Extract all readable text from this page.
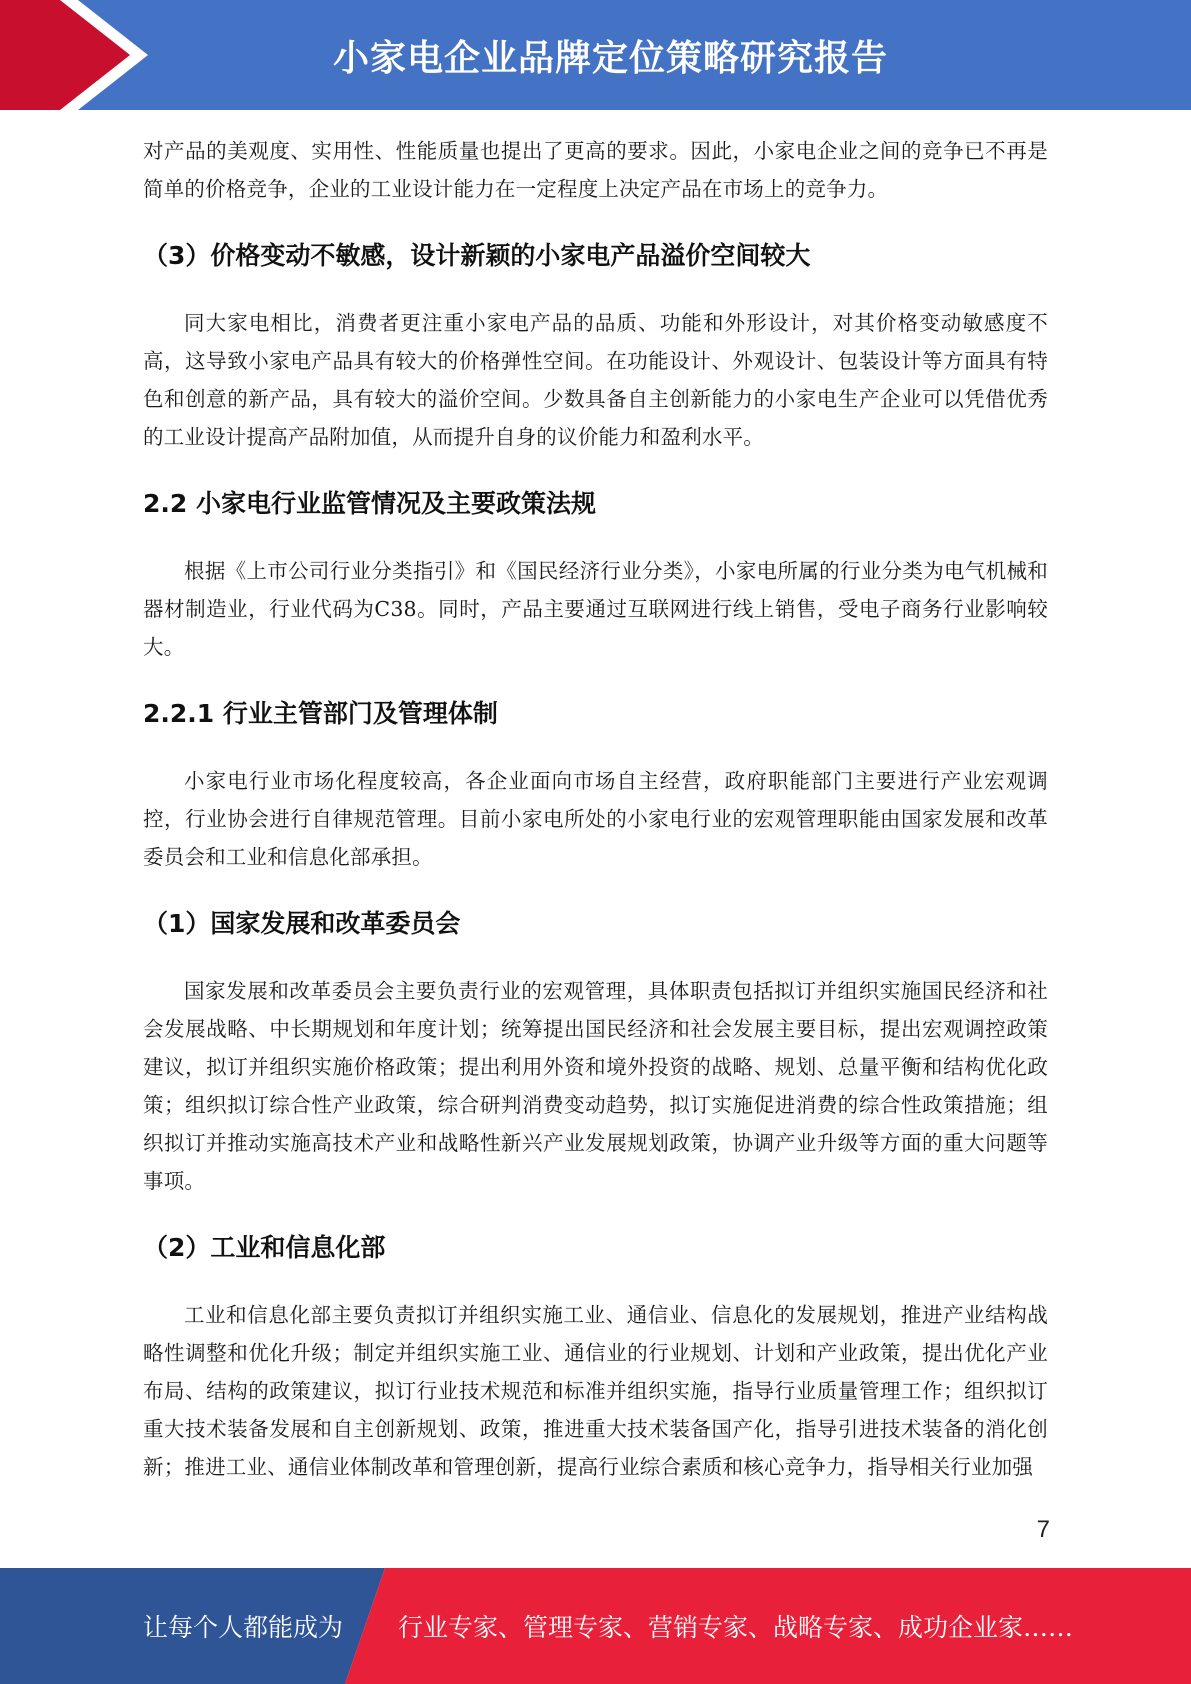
小家电企业品牌定位策略研究报告

对产品的美观度、实用性、性能质量也提出了更高的要求。因此，小家电企业之间的竞争已不再是简单的价格竞争，企业的工业设计能力在一定程度上决定产品在市场上的竞争力。

（3）价格变动不敏感，设计新颖的小家电产品溢价空间较大

同大家电相比，消费者更注重小家电产品的品质、功能和外形设计，对其价格变动敏感度不高，这导致小家电产品具有较大的价格弹性空间。在功能设计、外观设计、包装设计等方面具有特色和创意的新产品，具有较大的溢价空间。少数具备自主创新能力的小家电生产企业可以凭借优秀的工业设计提高产品附加值，从而提升自身的议价能力和盈利水平。

2.2 小家电行业监管情况及主要政策法规

根据《上市公司行业分类指引》和《国民经济行业分类》，小家电所属的行业分类为电气机械和器材制造业，行业代码为C38。同时，产品主要通过互联网进行线上销售，受电子商务行业影响较大。

2.2.1 行业主管部门及管理体制

小家电行业市场化程度较高，各企业面向市场自主经营，政府职能部门主要进行产业宏观调控，行业协会进行自律规范管理。目前小家电所处的小家电行业的宏观管理职能由国家发展和改革委员会和工业和信息化部承担。

（1）国家发展和改革委员会

国家发展和改革委员会主要负责行业的宏观管理，具体职责包括拟订并组织实施国民经济和社会发展战略、中长期规划和年度计划；统筹提出国民经济和社会发展主要目标，提出宏观调控政策建议，拟订并组织实施价格政策；提出利用外资和境外投资的战略、规划、总量平衡和结构优化政策；组织拟订综合性产业政策，综合研判消费变动趋势，拟订实施促进消费的综合性政策措施；组织拟订并推动实施高技术产业和战略性新兴产业发展规划政策，协调产业升级等方面的重大问题等事项。

（2）工业和信息化部

工业和信息化部主要负责拟订并组织实施工业、通信业、信息化的发展规划，推进产业结构战略性调整和优化升级；制定并组织实施工业、通信业的行业规划、计划和产业政策，提出优化产业布局、结构的政策建议，拟订行业技术规范和标准并组织实施，指导行业质量管理工作；组织拟订重大技术装备发展和自主创新规划、政策，推进重大技术装备国产化，指导引进技术装备的消化创新；推进工业、通信业体制改革和管理创新，提高行业综合素质和核心竞争力，指导相关行业加强

7
让每个人都能成为 行业专家、管理专家、营销专家、战略专家、成功企业家……
